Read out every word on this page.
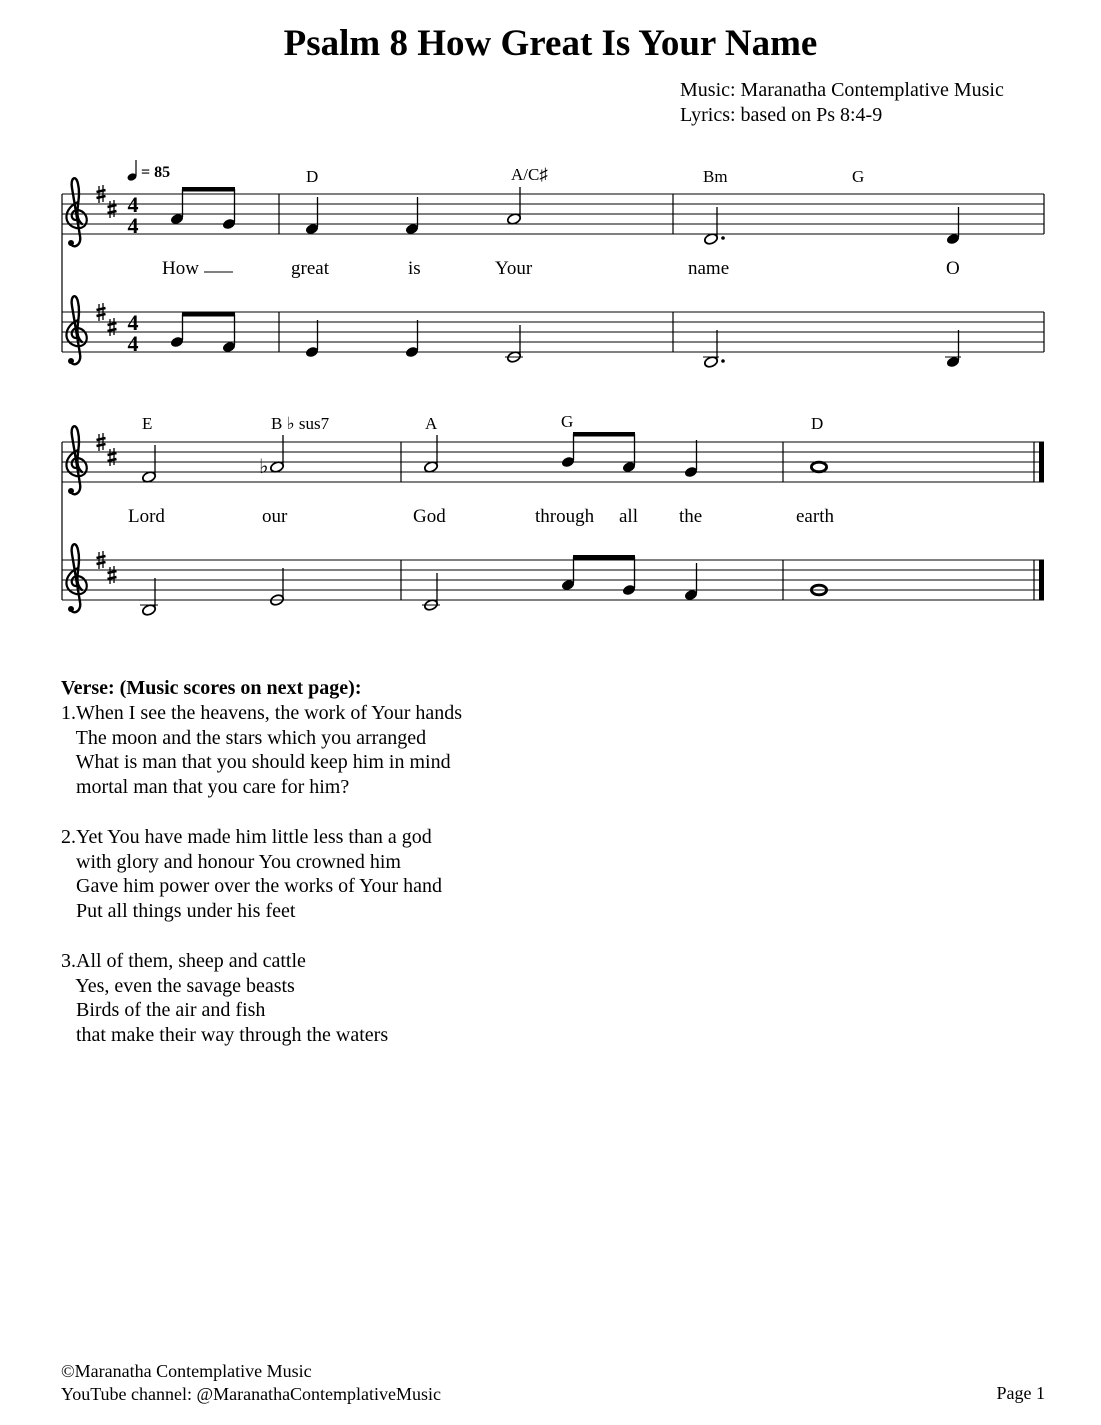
Psalm 8 How Great Is Your Name
Music: Maranatha Contemplative Music
Lyrics: based on Ps 8:4-9
4
4
4
4
= 85	D	A/C♯	Bm	G
E	B ♭ sus7	A	G	D
How	great	is	Your	name	O
Lord	our	God	through all the	earth
♭
Verse: (Music scores on next page):
1.When I see the heavens, the work of Your hands
The moon and the stars which you arranged
What is man that you should keep him in mind
mortal man that you care for him?
2.Yet You have made him little less than a god
with glory and honour You crowned him
Gave him power over the works of Your hand
Put all things under his feet
3.All of them, sheep and cattle
Yes, even the savage beasts
Birds of the air and fish
that make their way through the waters
©Maranatha Contemplative Music
YouTube channel: @MaranathaContemplativeMusic	Page 1
